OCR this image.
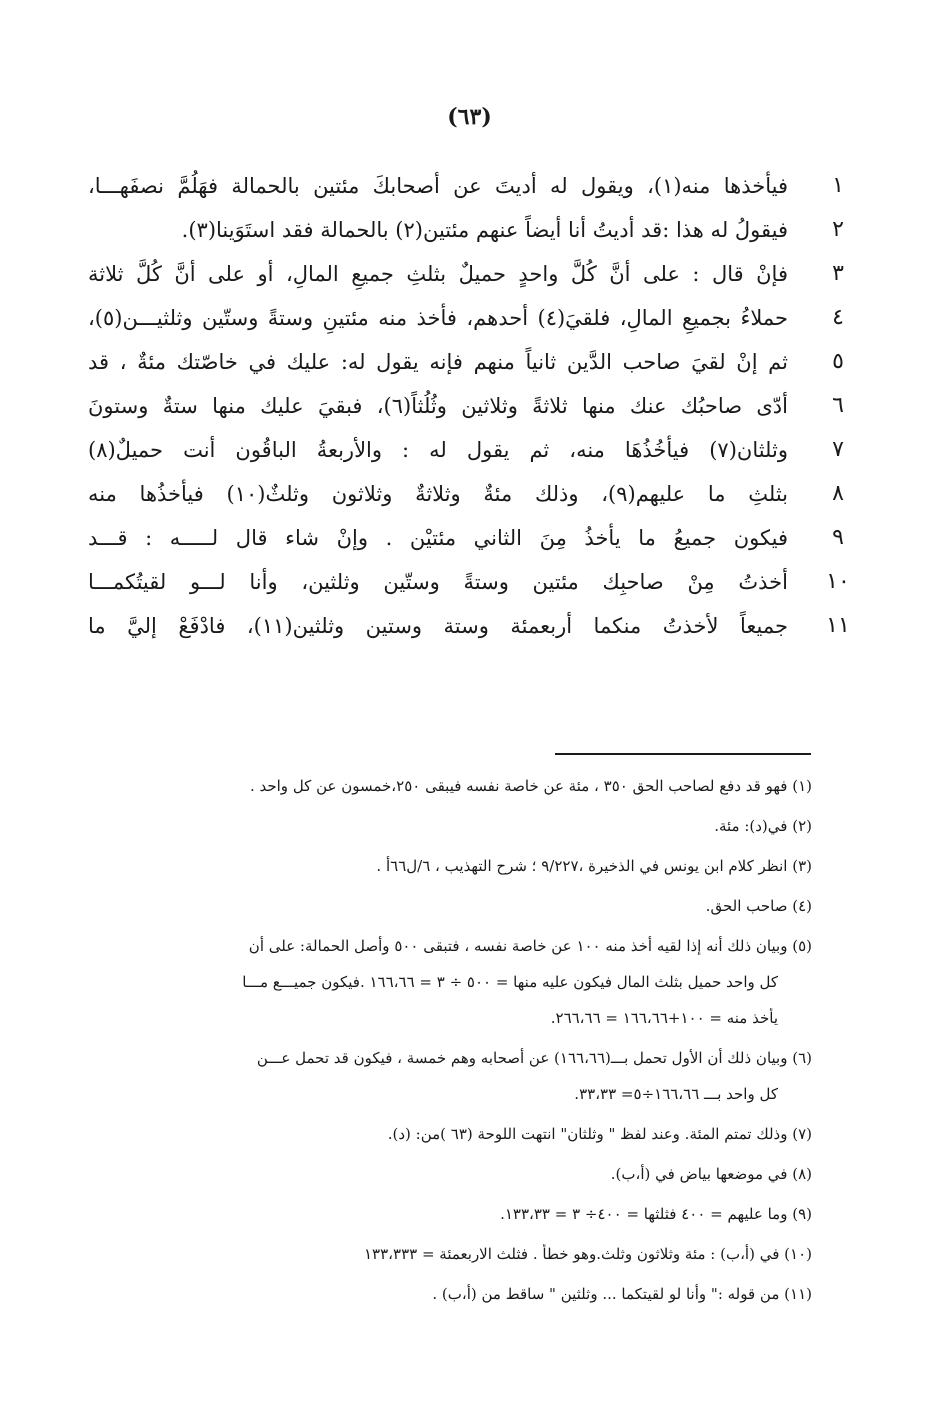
(٦٣)
١
فيأخذها منه(١)، ويقول له أديتَ عن أصحابكَ مئتين بالحمالة فهَلُمَّ نصفَهـــا،
٢
فيقولُ له هذا :قد أديتُ أنا أيضاً عنهم مئتين(٢) بالحمالة فقد استَوَينا(٣).
٣
فإنْ قال : على أنَّ كُلَّ واحدٍ حميلٌ بثلثِ جميعِ المالِ، أو على أنَّ كُلَّ ثلاثة
٤
حملاءُ بجميعِ المالِ، فلقيَ(٤) أحدهم، فأخذ منه مئتينِ وستةً وستّين وثلثيـــن(٥)،
٥
ثم إنْ لقيَ صاحب الدَّين ثانياً منهم فإنه يقول له: عليك في خاصّتك مئةٌ ، قد
٦
أدّى صاحبُك عنك منها ثلاثةً وثلاثين وثُلُثاً(٦)، فبقيَ عليك منها ستةٌ وستونَ
٧
وثلثان(٧) فيأخُذُهَا منه، ثم يقول له : والأربعةُ الباقُون أنت حميلٌ(٨)
٨
بثلثِ ما عليهم(٩)، وذلك مئةٌ وثلاثةٌ وثلاثون وثلثٌ(١٠) فيأخذُها منه
٩
فيكون جميعُ ما يأخذُ مِنَ الثاني مئتيْن . وإنْ شاء قال لـــــه : قـــد
١٠
أخذتُ مِنْ صاحبِك مئتين وستةً وستّين وثلثين، وأنا لـــو لقيتُكمـــا
١١
جميعاً لأخذتُ منكما أربعمئة وستة وستين وثلثين(١١)، فادْفَعْ إليَّ ما
(١) فهو قد دفع لصاحب الحق ٣٥٠ ، مئة عن خاصة نفسه فيبقى ٢٥٠،خمسون عن كل واحد .
(٢) في(د): مئة.
(٣) انظر كلام ابن يونس في الذخيرة ،٩/٢٢٧ ؛ شرح التهذيب ، ٦/ل٦٦أ .
(٤) صاحب الحق.
(٥) وبيان ذلك أنه إذا لقيه أخذ منه ١٠٠ عن خاصة نفسه ، فتبقى ٥٠٠ وأصل الحمالة: على أن
كل واحد حميل بثلث المال فيكون عليه منها = ٥٠٠ ÷ ٣ = ١٦٦،٦٦ .فيكون جميـــع مـــا
يأخذ منه = ١٠٠+١٦٦،٦٦ = ٢٦٦،٦٦.
(٦) وبيان ذلك أن الأول تحمل بـــ(١٦٦،٦٦) عن أصحابه وهم خمسة ، فيكون قد تحمل عـــن
كل واحد بـــ ١٦٦،٦٦÷٥= ٣٣،٣٣.
(٧) وذلك تمتم المئة. وعند لفظ " وثلثان" انتهت اللوحة (٦٣ )من: (د).
(٨) في موضعها بياض في (أ،ب).
(٩) وما عليهم = ٤٠٠ فثلثها = ٤٠٠÷ ٣ = ١٣٣،٣٣.
(١٠) في (أ،ب) : مئة وثلاثون وثلث.وهو خطأ . فثلث الاربعمئة = ١٣٣،٣٣٣
(١١) من قوله :" وأنا لو لقيتكما ... وثلثين " ساقط من (أ،ب) .
